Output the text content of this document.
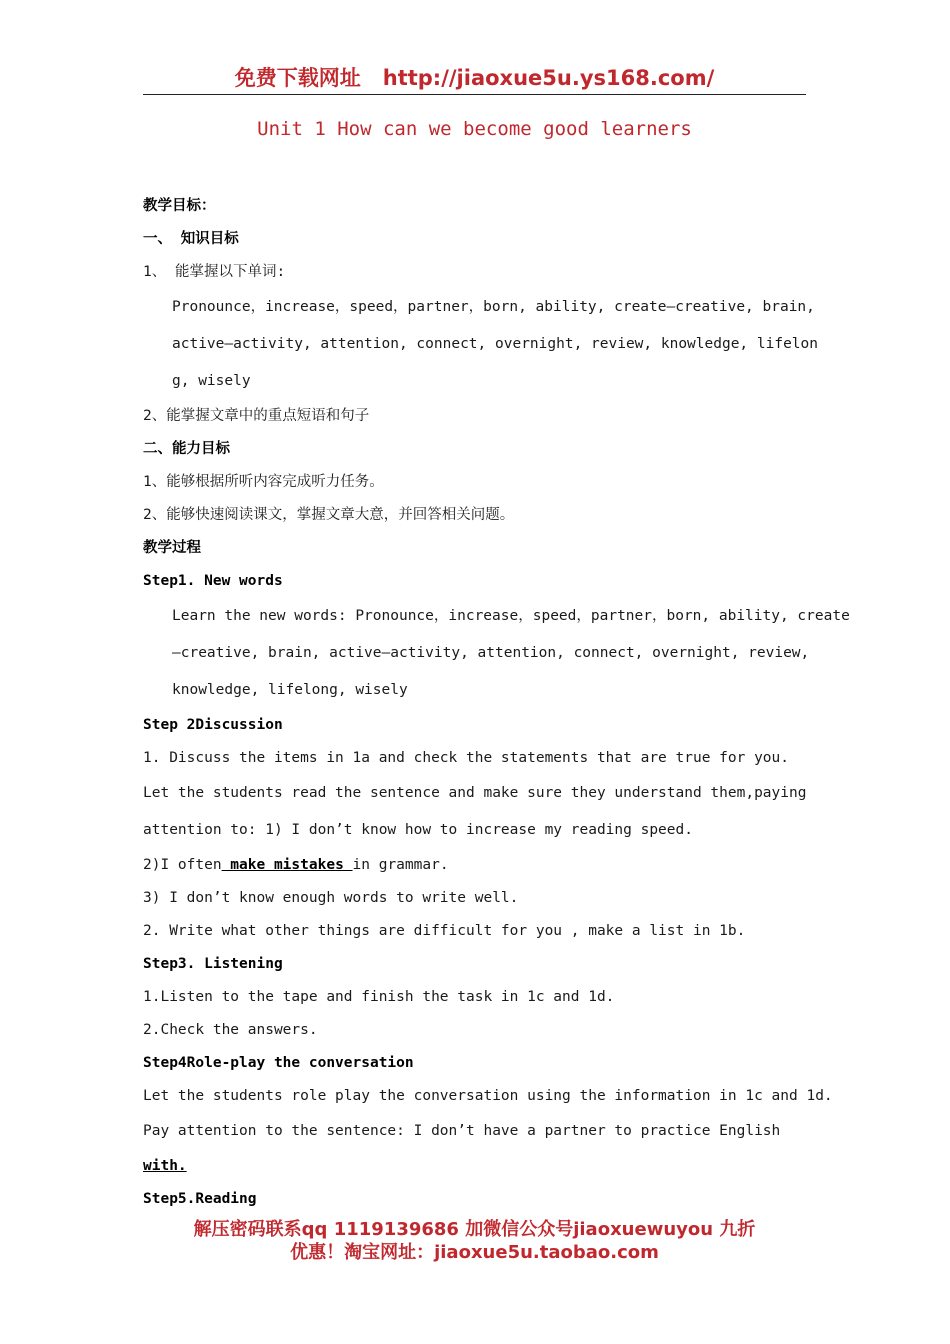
免费下载网址 http://jiaoxue5u.ys168.com/
Unit 1 How can we become good learners
教学目标：
一、 知识目标
1、 能掌握以下单词:
Pronounce，increase，speed，partner，born, ability, create—creative, brain,
active—activity, attention, connect, overnight, review, knowledge, lifelon
g, wisely
2、能掌握文章中的重点短语和句子
二、能力目标
1、能够根据所听内容完成听力任务。
2、能够快速阅读课文，掌握文章大意，并回答相关问题。
教学过程
Step1. New words
Learn the new words: Pronounce，increase，speed，partner，born, ability, create
—creative, brain, active—activity, attention, connect, overnight, review,
knowledge, lifelong, wisely
Step 2Discussion
1. Discuss the items in 1a and check the statements that are true for you.
Let the students read the sentence and make sure they understand them,paying
attention to: 1) I don’t know how to increase my reading speed.
2)I often make mistakes in grammar.
3) I don’t know enough words to write well.
2. Write what other things are difficult for you , make a list in 1b.
Step3. Listening
1.Listen to the tape and finish the task in 1c and 1d.
2.Check the answers.
Step4Role-play the conversation
Let the students role play the conversation using the information in 1c and 1d.
Pay attention to the sentence: I don’t have a partner to practice English
with.
Step5.Reading
解压密码联系qq 1119139686 加微信公众号jiaoxuewuyou 九折
优惠！淘宝网址：jiaoxue5u.taobao.com
